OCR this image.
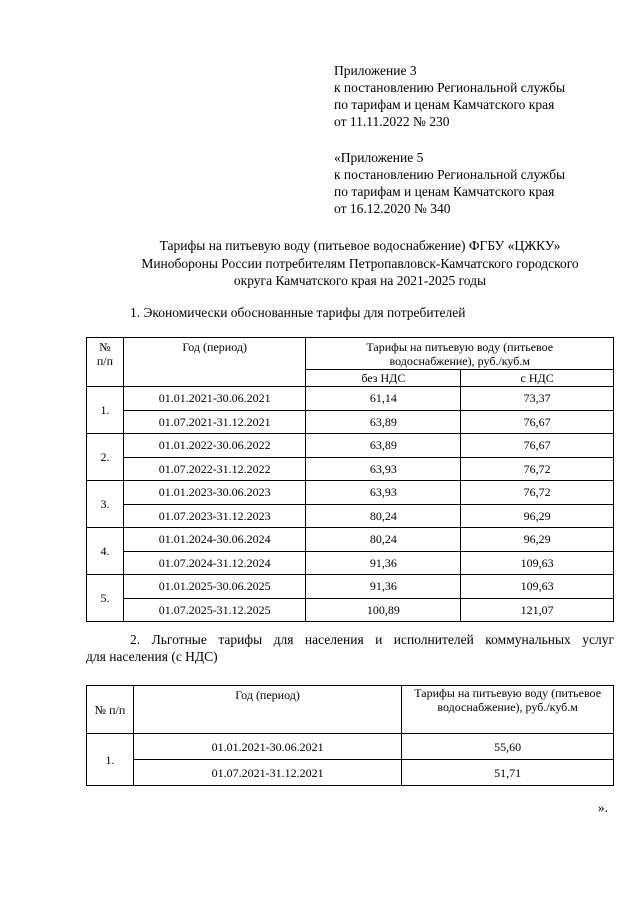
Приложение 3
к постановлению Региональной службы
по тарифам и ценам Камчатского края
от 11.11.2022 № 230
«Приложение 5
к постановлению Региональной службы
по тарифам и ценам Камчатского края
от 16.12.2020 № 340
Тарифы на питьевую воду (питьевое водоснабжение) ФГБУ «ЦЖКУ»
Минобороны России потребителям Петропавловск-Камчатского городского
округа Камчатского края на 2021-2025 годы
1. Экономически обоснованные тарифы для потребителей
№
п/п	Год (период)	Тарифы на питьевую воду (питьевое водоснабжение), руб./куб.м	
		без НДС	с НДС
1.	01.01.2021-30.06.2021	61,14	73,37
	01.07.2021-31.12.2021	63,89	76,67
2.	01.01.2022-30.06.2022	63,89	76,67
	01.07.2022-31.12.2022	63,93	76,72
3.	01.01.2023-30.06.2023	63,93	76,72
	01.07.2023-31.12.2023	80,24	96,29
4.	01.01.2024-30.06.2024	80,24	96,29
	01.07.2024-31.12.2024	91,36	109,63
5.	01.01.2025-30.06.2025	91,36	109,63
	01.07.2025-31.12.2025	100,89	121,07
2. Льготные тарифы для населения и исполнителей коммунальных услуг
для населения (с НДС)
№ п/п	Год (период)	Тарифы на питьевую воду (питьевое водоснабжение), руб./куб.м
1.	01.01.2021-30.06.2021	55,60
	01.07.2021-31.12.2021	51,71
».
